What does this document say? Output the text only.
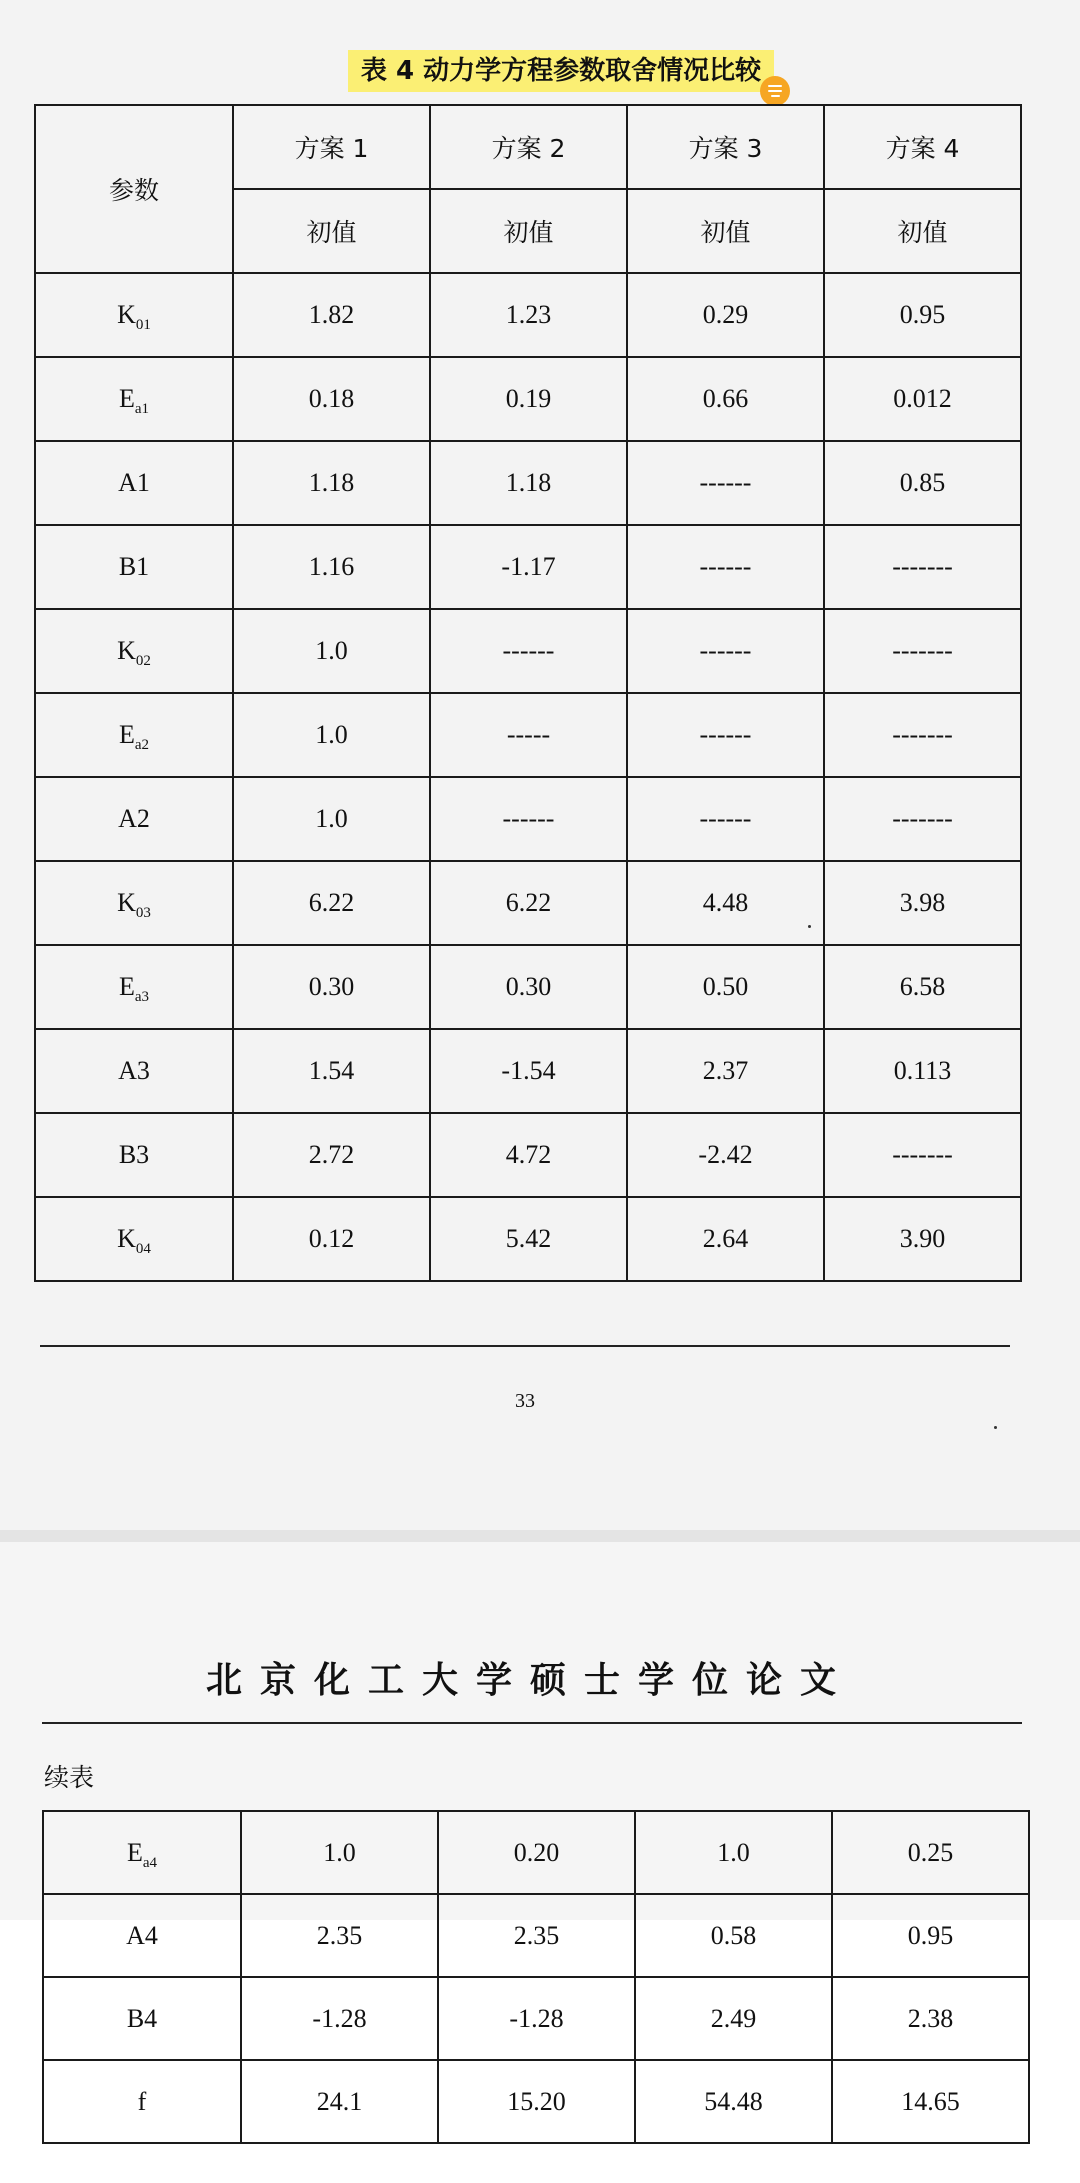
表 4 动力学方程参数取舍情况比较
参数	方案 1	方案 2	方案 3	方案 4
	初值	初值	初值	初值
$K_{01}$	1.82	1.23	0.29	0.95
$E_{a1}$	0.18	0.19	0.66	0.012
A1	1.18	1.18	------	0.85
B1	1.16	-1.17	------	-------
$K_{02}$	1.0	------	------	-------
$E_{a2}$	1.0	-----	------	-------
A2	1.0	------	------	-------
$K_{03}$	6.22	6.22	4.48	3.98
$E_{a3}$	0.30	0.30	0.50	6.58
A3	1.54	-1.54	2.37	0.113
B3	2.72	4.72	-2.42	-------
$K_{04}$	0.12	5.42	2.64	3.90
33
北京化工大学硕士学位论文
续表
$E_{a4}$	1.0	0.20	1.0	0.25
A4	2.35	2.35	0.58	0.95
B4	-1.28	-1.28	2.49	2.38
f	24.1	15.20	54.48	14.65
